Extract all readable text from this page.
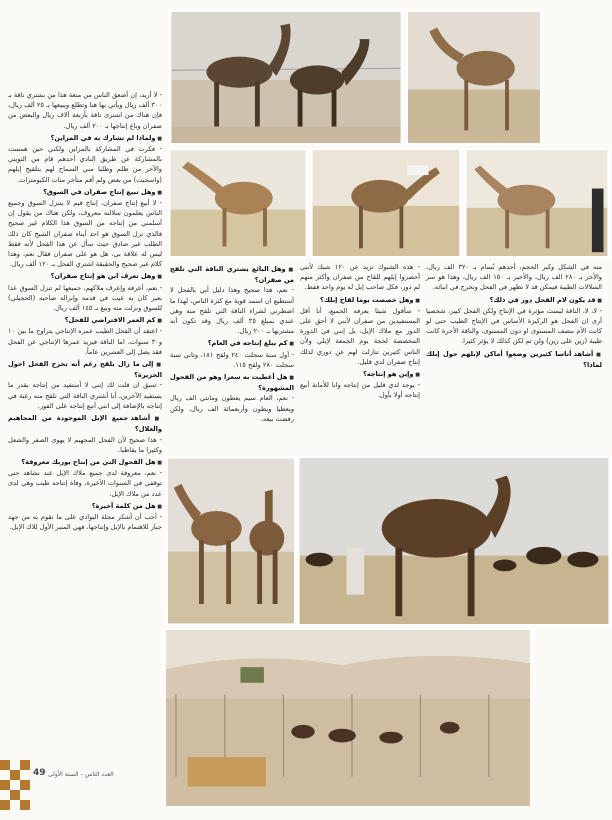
منه في الشكل وكبر الحجم، أحدهم بُسام بـ ٣٢٠ الف ريال، والأخر بـ ٢٨٠ الف ريال، والأخير بـ ١٥٠ الف ريال، وهذا هو سر السلالات الطيبة فيمكن قد لا تظهر في الفحل ونخرج في ابنائه.

■ قد يكون لام الفحل دور في ذلك؟

- لا، لا، الناقة ليست مؤثرة في الإنتاج ولكن الفحل كبير، شخصيا أرى ان الفحل هو الركيزة الأساس في الإنتاج الطيب حتى لو كانت الأم بنصف المستوى او دون المستوى، والناقة الأجرة كانت طيبة (زين على زين) ولن تم لكن كذلك لا يؤثر كثيرا.

■ أشاهد أناسا كثيرين وضعوا أماكن لإبلهم حول إبلك لماذا؟

- هذه الشبوك تزيد عن ١٢٠ شبك لأنني أحضروا إبلهم للقاح من صفران وأكثر منهم لم دور، فكل صاحب إبل له يوم واحد فقط.

■ وهل خصصت يوما لقاح إبلك؟

- سأقول شيئا يعرفه الجميع، أنا أقل المستفيدين من صفران لأنني لا أحق على الدور مع ملاك الإبل، بل إنني في الدورة المخصصة لحجة يوم الجمعة لإبلي ولأن الناس كثيرين تنازلت لهم عن دوري لذلك إنتاج صفران لدي قليل.

■ وإين هو إنتاجه؟

- يوجد لدي قليل من إنتاجه وانا للأمانة أبيع إنتاجه أولا بأول.

■ وهل البائع يشتري الناقة التي تلقح من صفران؟

- نعم، هذا صحيح وهذا دليل أبي بالفحل لا أستطيع ان اسمد قوية مع كثرة الناس، لهذا ما اضطرني لشراء الناقة التي تلقح منه وهي عندي بمبلغ ٣٥ ألف ريال وقد تكون أنه مشتريها بـ ٢٠٠ ريال.

■ كم يبلغ إنتاجه في العام؟

- أول سنة سجلت ٢٤٠ ولقح ١٨١، وثاني سنة سجلت ٢٨٠ ولقح ١١٥.

■ هل أعطيت به سعرا وهو من الفحول المشهورة؟

- نعم، العام سيم يعطون وماتتي الف ريال ويعطيا ويطون وأربعمائة الف ريال، ولكن رفضت بيعه.

- لا أريد، إن أصعق الناس من متعة هذا من بشتري ناقة بـ ٣٠٠ ألف ريال ويأتي بها هنا وتطلع ويبيعها بـ ٢٥ ألف ريال، فإن هناك من اشترى ناقة بأربعة آلاف ريال والبعض من صفران وباع إنتاجها بـ ٢٠٠ ألف ريال.

■ ولماذا لم تشارك به في المزاين؟

- فكرت في المشاركة بالمزاين ولكني حين همست بالمشاركة عن طريق النادي أحدهم قام من التويتي والآخر من ظلم وطلبا مني السماح لهم بتلقيح إبلهم (واسحبت) من بعض ولم أقم متأخر منات الكيومترات.

■ وهل تبيع إنتاج صفران في السوق؟

- لا أبيع إنتاج صفران، إنتاج قيم لا يتنزل السوق وجميع الناس يعلمون سلالته معروف، ولكن هناك من يقول إن أسلمني من إنتاجه من السوق هذا الكلام غير صحيح فالذي نزل السوق هو احد أبناء صفران الشيخ كان ذلك الطلب غير صادق حيث سأل عن هذا الفحل لأنه فقط ليس له علاقة بي، هل هو على صفران فقال نعم، وهذا كلام غير صحيح والحقيقة اشتري الفحل بـ ١٢٠ ألف ريال.

■ وهل تعرف ابن هو إنتاج صفران؟

- نعم، أعرفه وإعرف ملاكهم، جميعها لم تنزل السوق عدا بعير كان به عيب في قدمه وإنزاله صاحبه (الحجيلي) للسوق ونزلت منه وبيع بـ ١٤٥ ألف ريال.

■ كم العمر الافتراضي للفحل؟

- اعتقد أن الفحل الطيب عمره الإنتاجي يتراوح ما بين ١٠ و٣٠ سنوات، اما الناقة فيزيد عمرها الإنتاجي عن الفحل فقد يصل إلى العشرين عاماً.

■ إلى ما زال يلقح رغم أنه تخرج الفحل اخول الخزيرة؟

- سبق ان قلت لك إنني لا أستفيد من إنتاجه بقدر ما يستفيد الآخرين، أنا أشتري الناقة التي تلقح منه رغبة في إنتاجه بالإضافة إلى انني أتبع إنتاجه على الفور.

■ أشاهد جميع الإبل الموجودة من المجاهيم والغلال؟

- هذا صحيح لأن الفحل المجهيم لا يهوى الصفر والشعل وكثيرا ما يقاطبا.

■ هل الفحول التي من إنتاج يوربك معروفة؟

- نعم، معروفة لدى جميع ملاك الإبل عند نشاهد حتى توقفي في السنوات الأخيرة، وفاة إنتاجه طيب وهي لدى عدد من ملاك الإبل.

■ هل من كلمة أخيرة؟

- أحب أن أشكر مجلة البوادي على ما تقوم به من جهد جبار للاهتمام بالإبل وإنتاجها، فهي المنبر الأول للاك الإبل.

49 العدد الثامن - السنة الأولى
